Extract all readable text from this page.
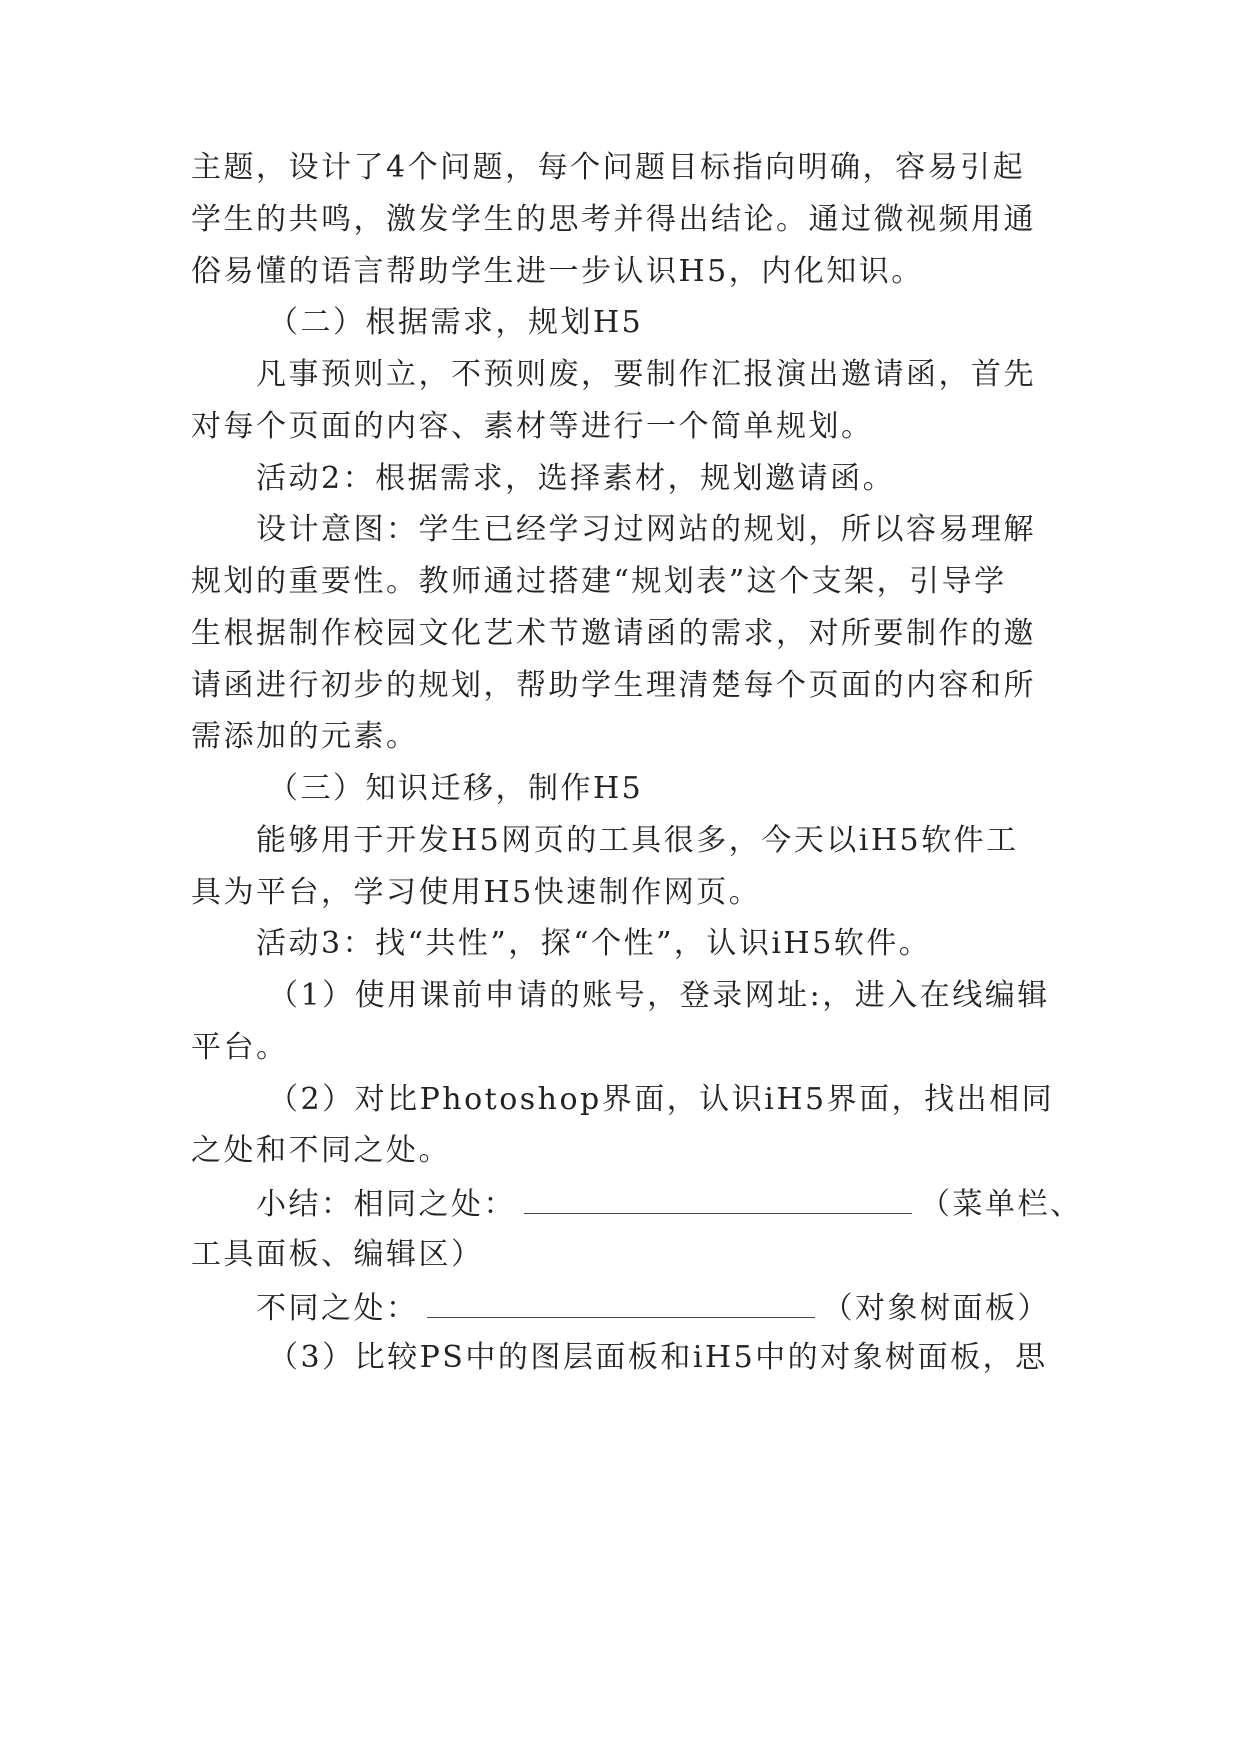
主题，设计了4个问题，每个问题目标指向明确，容易引起

学生的共鸣，激发学生的思考并得出结论。通过微视频用通

俗易懂的语言帮助学生进一步认识H5，内化知识。

（二）根据需求，规划H5

凡事预则立，不预则废，要制作汇报演出邀请函，首先

对每个页面的内容、素材等进行一个简单规划。

活动2：根据需求，选择素材，规划邀请函。

设计意图：学生已经学习过网站的规划，所以容易理解

规划的重要性。教师通过搭建“规划表”这个支架，引导学

生根据制作校园文化艺术节邀请函的需求，对所要制作的邀

请函进行初步的规划，帮助学生理清楚每个页面的内容和所

需添加的元素。

（三）知识迁移，制作H5

能够用于开发H5网页的工具很多，今天以iH5软件工

具为平台，学习使用H5快速制作网页。

活动3：找“共性”，探“个性”，认识iH5软件。

（1）使用课前申请的账号，登录网址:，进入在线编辑

平台。

（2）对比Photoshop界面，认识iH5界面，找出相同

之处和不同之处。

小结：相同之处：	（菜单栏、

工具面板、编辑区）

不同之处：	（对象树面板）

（3）比较PS中的图层面板和iH5中的对象树面板，思
